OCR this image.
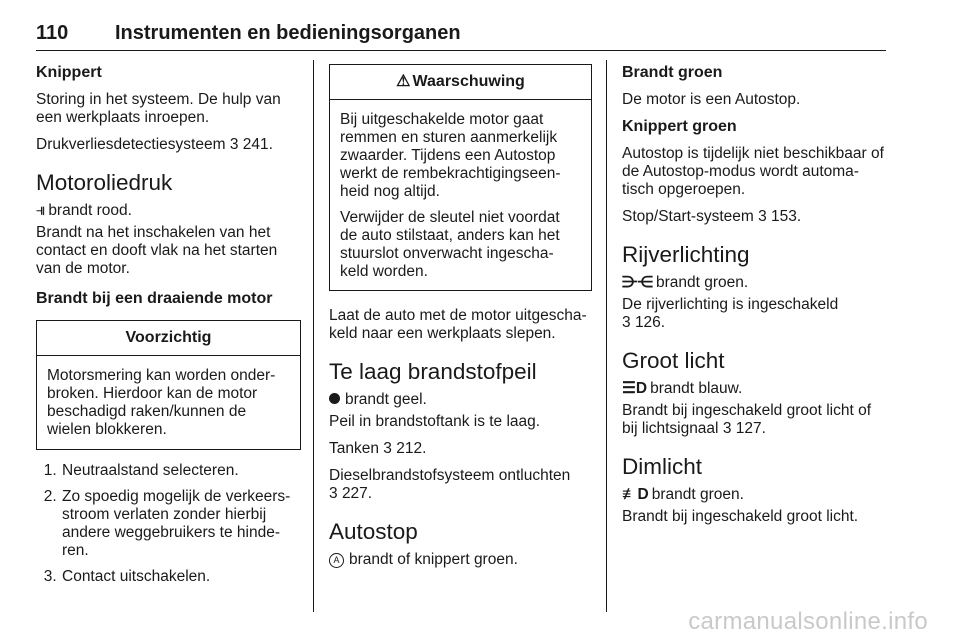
110 Instrumenten en bedieningsorganen
Knippert

Storing in het systeem. De hulp van een werkplaats inroepen.

Drukverliesdetectiesysteem 3 241.

Motoroliedruk

⫣ brandt rood.

Brandt na het inschakelen van het contact en dooft vlak na het starten van de motor.

Brandt bij een draaiende motor
Voorzichtig

Motorsmering kan worden onder-broken. Hierdoor kan de motor beschadigd raken/kunnen de wielen blokkeren.

1. Neutraalstand selecteren.
2. Zo spoedig mogelijk de verkeers-stroom verlaten zonder hierbij andere weggebruikers te hinde-ren.
3. Contact uitschakelen.
⚠ Waarschuwing

Bij uitgeschakelde motor gaat remmen en sturen aanmerkelijk zwaarder. Tijdens een Autostop werkt de rembekrachtigingseen-heid nog altijd.

Verwijder de sleutel niet voordat de auto stilstaat, anders kan het stuurslot onverwacht ingescha-keld worden.

Laat de auto met de motor uitgescha-keld naar een werkplaats slepen.

Te laag brandstofpeil

brandt geel.

Peil in brandstoftank is te laag.

Tanken 3 212.

Dieselbrandstofsysteem ontluchten
3 227.

Autostop

A brandt of knippert groen.

Brandt groen

De motor is een Autostop.

Knippert groen

Autostop is tijdelijk niet beschikbaar of de Autostop-modus wordt automa-tisch opgeroepen.

Stop/Start-systeem 3 153.

Rijverlichting

⋺⋲ brandt groen.

De rijverlichting is ingeschakeld
3 126.

Groot licht

☰D brandt blauw.

Brandt bij ingeschakeld groot licht of bij lichtsignaal 3 127.

Dimlicht

≢D brandt groen.

Brandt bij ingeschakeld groot licht.

carmanualsonline.info
